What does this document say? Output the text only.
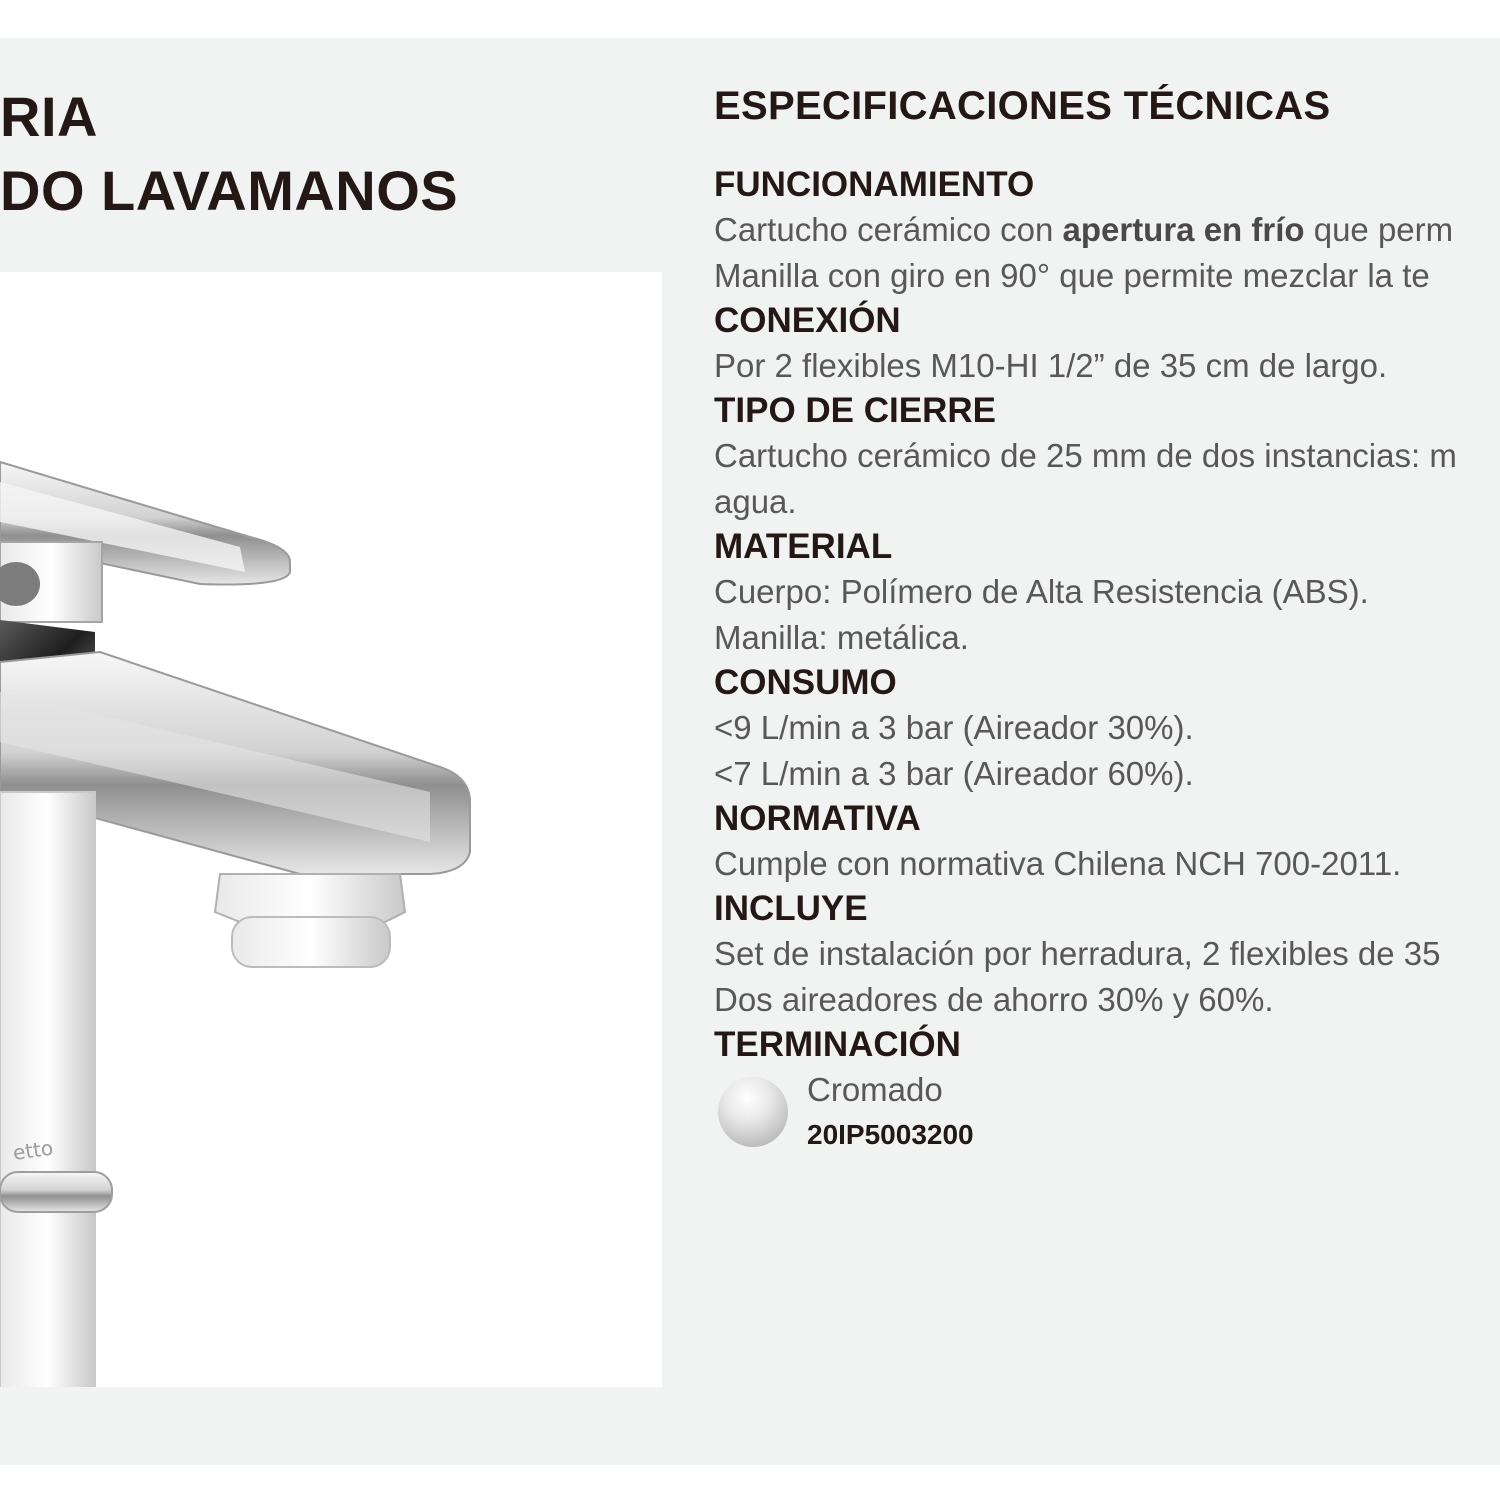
RIA
DO LAVAMANOS
etto
ESPECIFICACIONES TÉCNICAS
FUNCIONAMIENTO

Cartucho cerámico con apertura en frío que perm

Manilla con giro en 90° que permite mezclar la te

CONEXIÓN

Por 2 flexibles M10-HI 1/2” de 35 cm de largo.

TIPO DE CIERRE

Cartucho cerámico de 25 mm de dos instancias: m

agua.

MATERIAL

Cuerpo: Polímero de Alta Resistencia (ABS).

Manilla: metálica.

CONSUMO

<9 L/min a 3 bar (Aireador 30%).

<7 L/min a 3 bar (Aireador 60%).

NORMATIVA

Cumple con normativa Chilena NCH 700-2011.

INCLUYE

Set de instalación por herradura, 2 flexibles de 35

Dos aireadores de ahorro 30% y 60%.

TERMINACIÓN
Cromado
20IP5003200
